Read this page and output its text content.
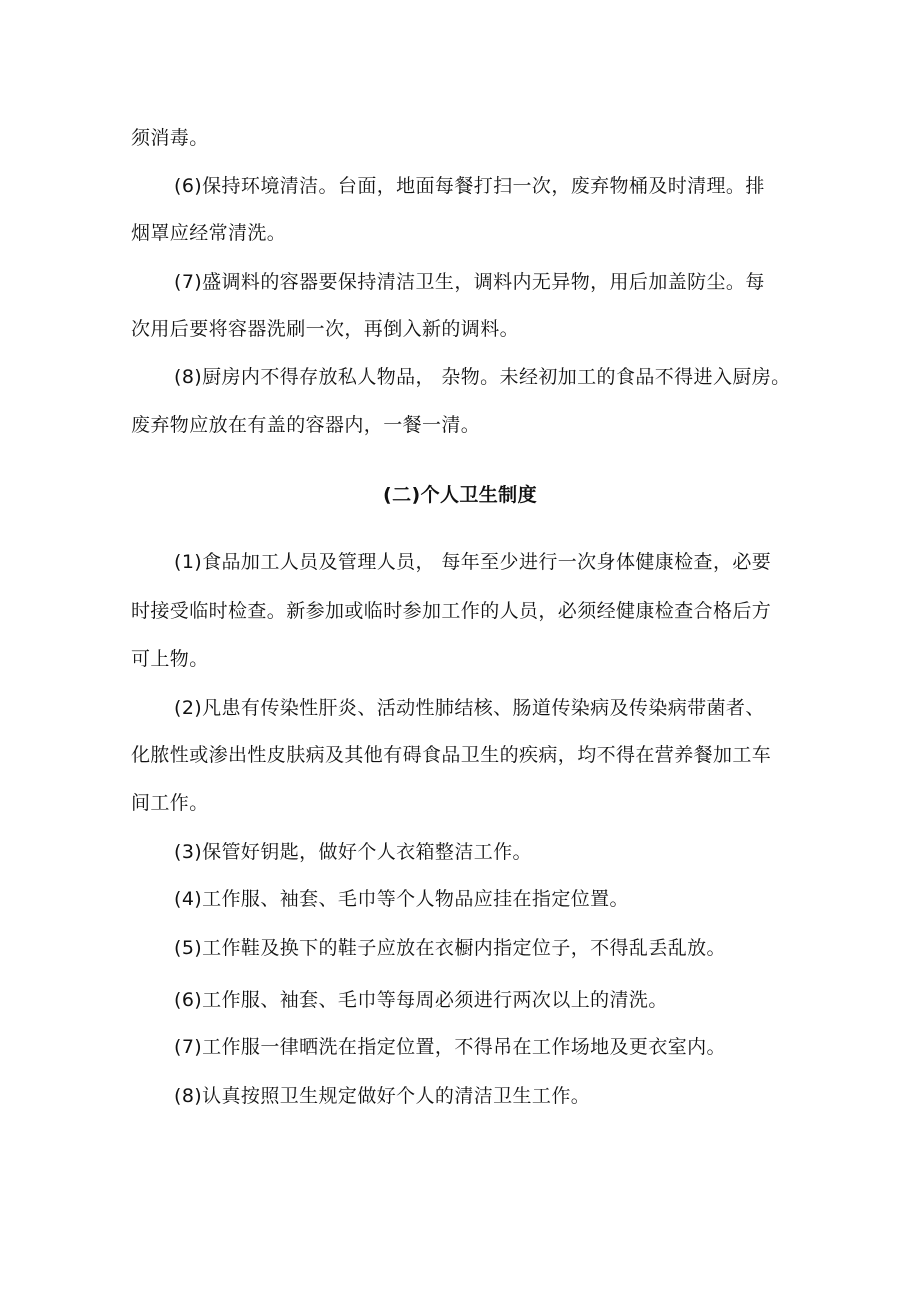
须消毒。
(6)保持环境清洁。台面，地面每餐打扫一次，废弃物桶及时清理。排
烟罩应经常清洗。
(7)盛调料的容器要保持清洁卫生，调料内无异物，用后加盖防尘。每
次用后要将容器洗刷一次，再倒入新的调料。
(8)厨房内不得存放私人物品， 杂物。未经初加工的食品不得进入厨房。
废弃物应放在有盖的容器内，一餐一清。
(二)个人卫生制度
(1)食品加工人员及管理人员， 每年至少进行一次身体健康检查，必要
时接受临时检查。新参加或临时参加工作的人员，必须经健康检查合格后方
可上物。
(2)凡患有传染性肝炎、活动性肺结核、肠道传染病及传染病带菌者、
化脓性或渗出性皮肤病及其他有碍食品卫生的疾病，均不得在营养餐加工车
间工作。
(3)保管好钥匙，做好个人衣箱整洁工作。
(4)工作服、袖套、毛巾等个人物品应挂在指定位置。
(5)工作鞋及换下的鞋子应放在衣橱内指定位子，不得乱丢乱放。
(6)工作服、袖套、毛巾等每周必须进行两次以上的清洗。
(7)工作服一律晒洗在指定位置，不得吊在工作场地及更衣室内。
(8)认真按照卫生规定做好个人的清洁卫生工作。
